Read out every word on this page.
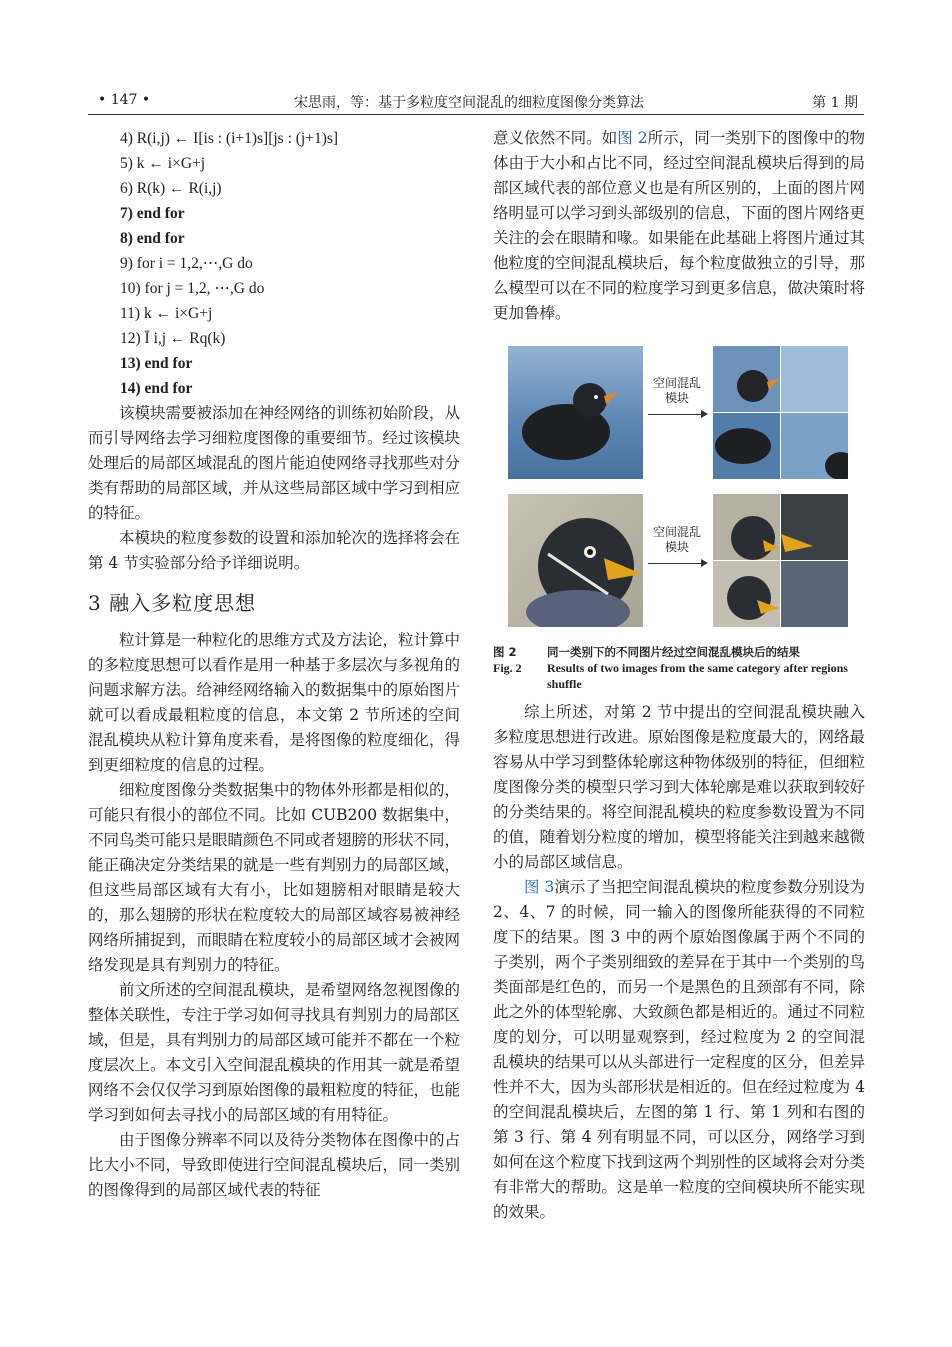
• 147 •	宋思雨，等：基于多粒度空间混乱的细粒度图像分类算法	第 1 期
4) R(i,j) ← I[is : (i+1)s][js : (j+1)s]
5) k ← i×G+j
6) R(k) ← R(i,j)
7) end for
8) end for
9) for i = 1,2,⋯,G do
10) for j = 1,2, ⋯,G do
11) k ← i×G+j
12) Ī i,j ← Rq(k)
13) end for
14) end for

该模块需要被添加在神经网络的训练初始阶段，从而引导网络去学习细粒度图像的重要细节。经过该模块处理后的局部区域混乱的图片能迫使网络寻找那些对分类有帮助的局部区域，并从这些局部区域中学习到相应的特征。

本模块的粒度参数的设置和添加轮次的选择将会在第 4 节实验部分给予详细说明。

3 融入多粒度思想

粒计算是一种粒化的思维方式及方法论，粒计算中的多粒度思想可以看作是用一种基于多层次与多视角的问题求解方法。给神经网络输入的数据集中的原始图片就可以看成最粗粒度的信息，本文第 2 节所述的空间混乱模块从粒计算角度来看，是将图像的粒度细化，得到更细粒度的信息的过程。

细粒度图像分类数据集中的物体外形都是相似的，可能只有很小的部位不同。比如 CUB200 数据集中，不同鸟类可能只是眼睛颜色不同或者翅膀的形状不同，能正确决定分类结果的就是一些有判别力的局部区域，但这些局部区域有大有小，比如翅膀相对眼睛是较大的，那么翅膀的形状在粒度较大的局部区域容易被神经网络所捕捉到，而眼睛在粒度较小的局部区域才会被网络发现是具有判别力的特征。

前文所述的空间混乱模块，是希望网络忽视图像的整体关联性，专注于学习如何寻找具有判别力的局部区域，但是，具有判别力的局部区域可能并不都在一个粒度层次上。本文引入空间混乱模块的作用其一就是希望网络不会仅仅学习到原始图像的最粗粒度的特征，也能学习到如何去寻找小的局部区域的有用特征。

由于图像分辨率不同以及待分类物体在图像中的占比大小不同，导致即使进行空间混乱模块后，同一类别的图像得到的局部区域代表的特征

意义依然不同。如图 2所示，同一类别下的图像中的物体由于大小和占比不同，经过空间混乱模块后得到的局部区域代表的部位意义也是有所区别的，上面的图片网络明显可以学习到头部级别的信息，下面的图片网络更关注的会在眼睛和喙。如果能在此基础上将图片通过其他粒度的空间混乱模块后，每个粒度做独立的引导，那么模型可以在不同的粒度学习到更多信息，做决策时将更加鲁棒。

空间混乱模块
空间混乱模块
图 2	同一类别下的不同图片经过空间混乱模块后的结果
Fig. 2 Results of two images from the same category after regions shuffle

综上所述，对第 2 节中提出的空间混乱模块融入多粒度思想进行改进。原始图像是粒度最大的，网络最容易从中学习到整体轮廓这种物体级别的特征，但细粒度图像分类的模型只学习到大体轮廓是难以获取到较好的分类结果的。将空间混乱模块的粒度参数设置为不同的值，随着划分粒度的增加，模型将能关注到越来越微小的局部区域信息。

图 3演示了当把空间混乱模块的粒度参数分别设为 2、4、7 的时候，同一输入的图像所能获得的不同粒度下的结果。图 3 中的两个原始图像属于两个不同的子类别，两个子类别细致的差异在于其中一个类别的鸟类面部是红色的，而另一个是黑色的且颈部有不同，除此之外的体型轮廓、大致颜色都是相近的。通过不同粒度的划分，可以明显观察到，经过粒度为 2 的空间混乱模块的结果可以从头部进行一定程度的区分，但差异性并不大，因为头部形状是相近的。但在经过粒度为 4 的空间混乱模块后，左图的第 1 行、第 1 列和右图的第 3 行、第 4 列有明显不同，可以区分，网络学习到如何在这个粒度下找到这两个判别性的区域将会对分类有非常大的帮助。这是单一粒度的空间模块所不能实现的效果。
